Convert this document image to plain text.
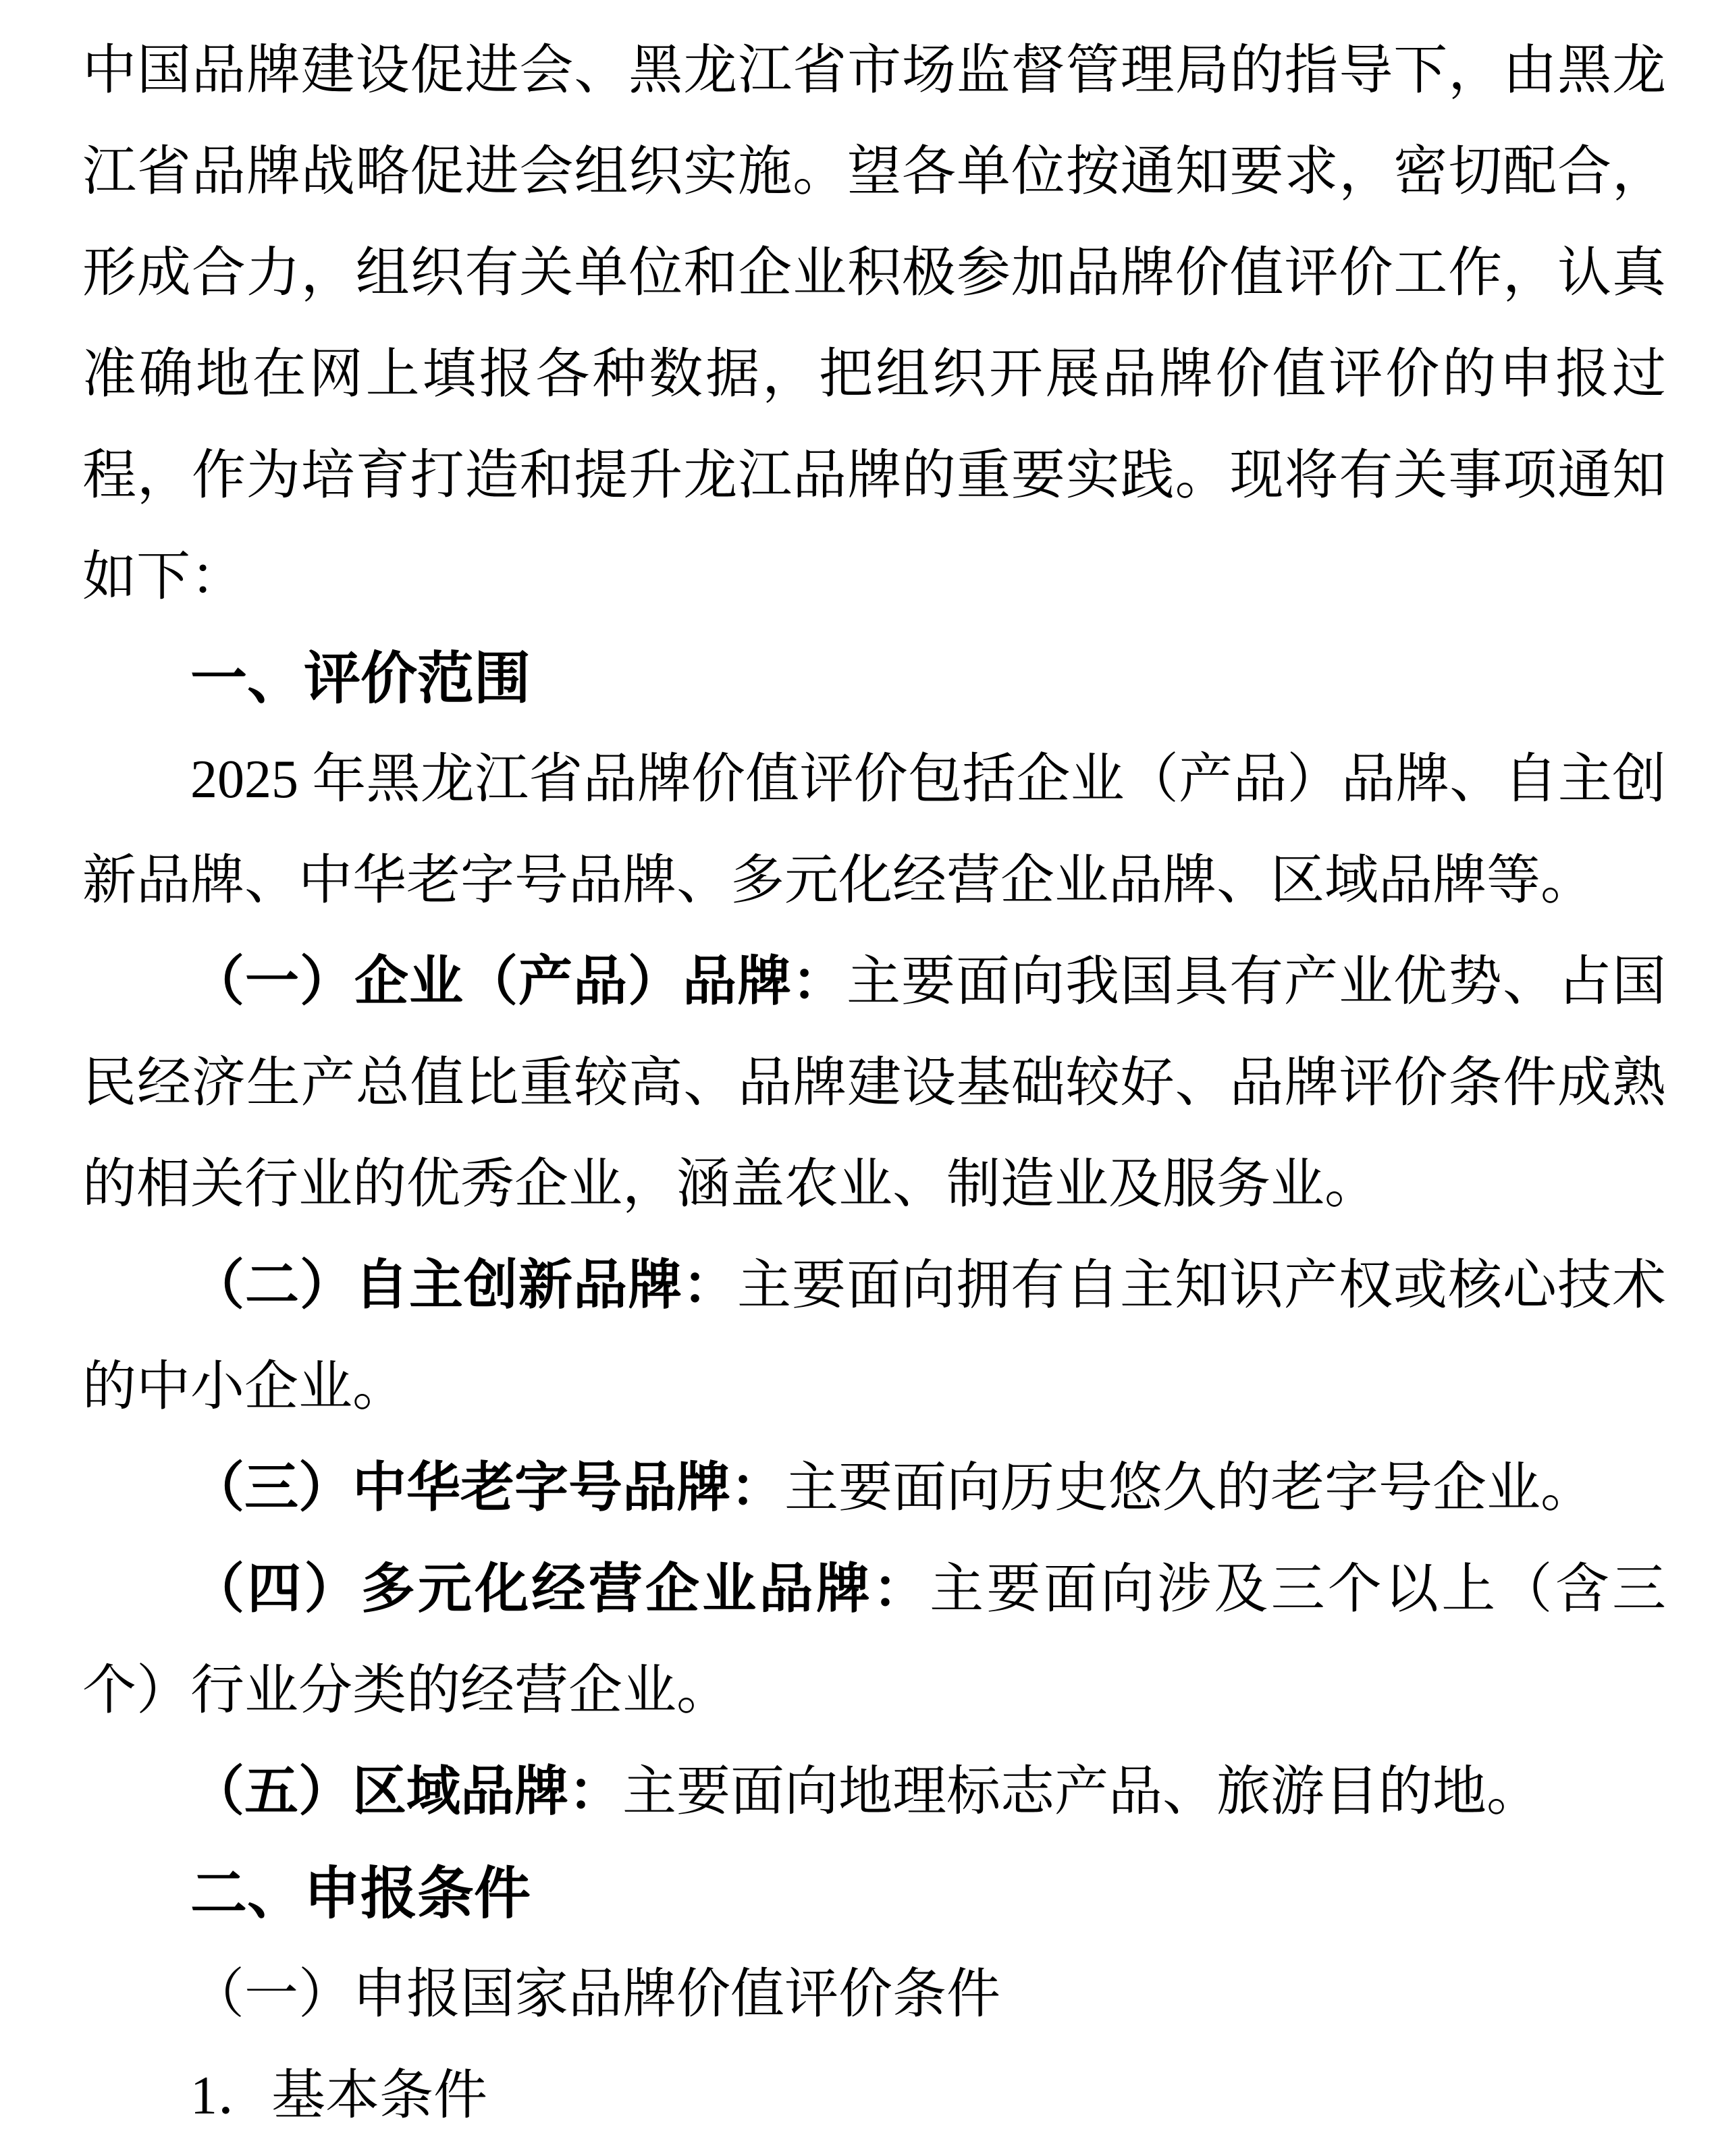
中国品牌建设促进会、黑龙江省市场监督管理局的指导下，由黑龙江省品牌战略促进会组织实施。望各单位按通知要求，密切配合，形成合力，组织有关单位和企业积极参加品牌价值评价工作，认真准确地在网上填报各种数据，把组织开展品牌价值评价的申报过程，作为培育打造和提升龙江品牌的重要实践。现将有关事项通知如下：

一、评价范围

2025 年黑龙江省品牌价值评价包括企业（产品）品牌、自主创新品牌、中华老字号品牌、多元化经营企业品牌、区域品牌等。

（一）企业（产品）品牌：主要面向我国具有产业优势、占国民经济生产总值比重较高、品牌建设基础较好、品牌评价条件成熟的相关行业的优秀企业，涵盖农业、制造业及服务业。

（二）自主创新品牌：主要面向拥有自主知识产权或核心技术的中小企业。

（三）中华老字号品牌：主要面向历史悠久的老字号企业。

（四）多元化经营企业品牌：主要面向涉及三个以上（含三个）行业分类的经营企业。

（五）区域品牌：主要面向地理标志产品、旅游目的地。

二、申报条件

（一）申报国家品牌价值评价条件

1．基本条件
